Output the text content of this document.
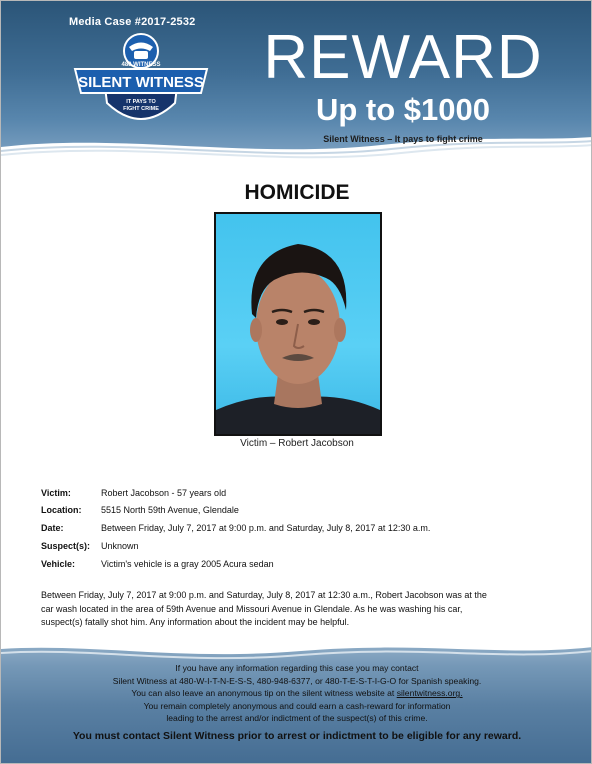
Media Case #2017-2532
480.WITNESS
SILENT WITNESS
IT PAYS TO
FIGHT CRIME
REWARD
Up to $1000
Silent Witness – It pays to fight crime
HOMICIDE
Victim – Robert Jacobson
Victim:	Robert Jacobson - 57 years old
Location: 5515 North 59th Avenue, Glendale
Date:	Between Friday, July 7, 2017 at 9:00 p.m. and Saturday, July 8, 2017 at 12:30 a.m.
Suspect(s): Unknown
Vehicle:	Victim's vehicle is a gray 2005 Acura sedan
Between Friday, July 7, 2017 at 9:00 p.m. and Saturday, July 8, 2017 at 12:30 a.m., Robert Jacobson was at the
car wash located in the area of 59th Avenue and Missouri Avenue in Glendale. As he was washing his car,
suspect(s) fatally shot him. Any information about the incident may be helpful.
If you have any information regarding this case you may contact
Silent Witness at 480-W-I-T-N-E-S-S, 480-948-6377, or 480-T-E-S-T-I-G-O for Spanish speaking.
You can also leave an anonymous tip on the silent witness website at silentwitness.org.
You remain completely anonymous and could earn a cash-reward for information
leading to the arrest and/or indictment of the suspect(s) of this crime.
You must contact Silent Witness prior to arrest or indictment to be eligible for any reward.
